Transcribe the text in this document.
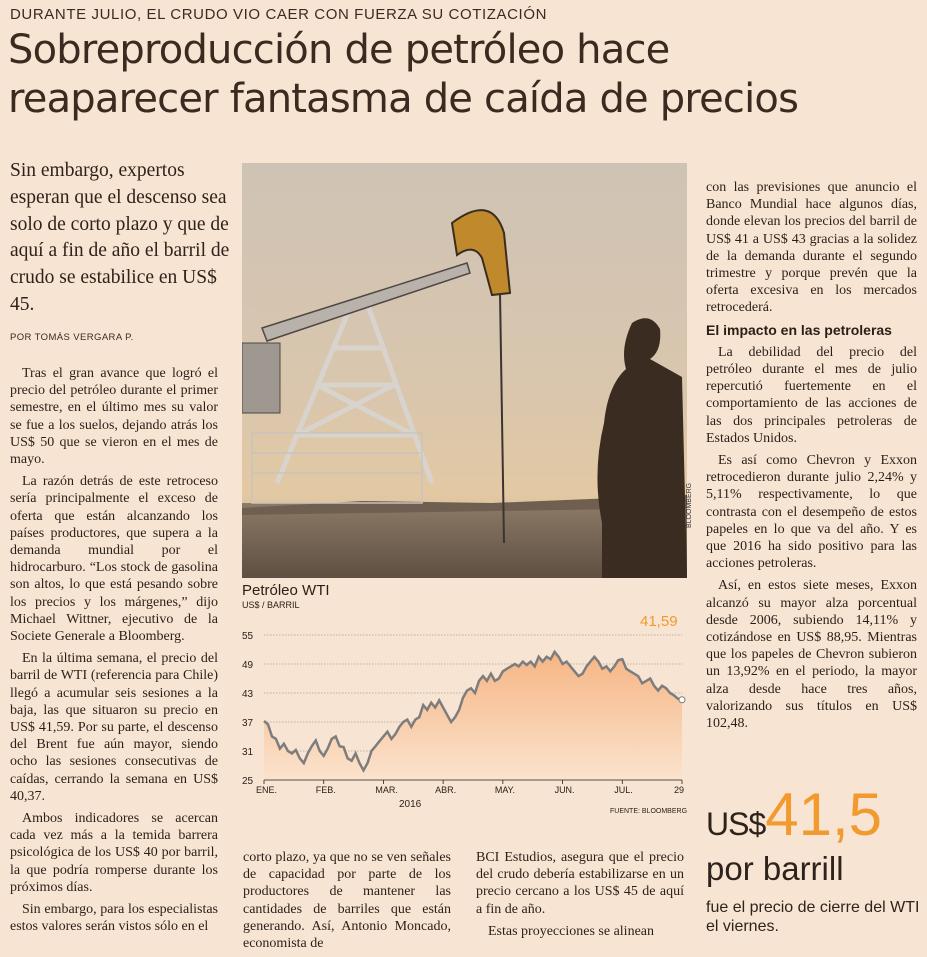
DURANTE JULIO, EL CRUDO VIO CAER CON FUERZA SU COTIZACIÓN
Sobreproducción de petróleo hace
reaparecer fantasma de caída de precios
Sin embargo, expertos esperan que el descenso sea solo de corto plazo y que de aquí a fin de año el barril de crudo se estabilice en US$ 45.
POR TOMÁS VERGARA P.

Tras el gran avance que logró el precio del petróleo durante el primer semestre, en el último mes su valor se fue a los suelos, dejando atrás los US$ 50 que se vieron en el mes de mayo.

La razón detrás de este retroceso sería principalmente el exceso de oferta que están alcanzando los países productores, que supera a la demanda mundial por el hidrocarburo. “Los stock de gasolina son altos, lo que está pesando sobre los precios y los márgenes,” dijo Michael Wittner, ejecutivo de la Societe Generale a Bloomberg.

En la última semana, el precio del barril de WTI (referencia para Chile) llegó a acumular seis sesiones a la baja, las que situaron su precio en US$ 41,59. Por su parte, el descenso del Brent fue aún mayor, siendo ocho las sesiones consecutivas de caídas, cerrando la semana en US$ 40,37.

Ambos indicadores se acercan cada vez más a la temida barrera psicológica de los US$ 40 por barril, la que podría romperse durante los próximos días.

Sin embargo, para los especialistas estos valores serán vistos sólo en el

BLOOMBERG
Petróleo WTI
US$ / BARRIL
25
31
37
43
49
55
ENE.	FEB.	MAR.	ABR.	MAY.	JUN.	JUL.	29
2016
FUENTE: BLOOMBERG
41,59

corto plazo, ya que no se ven señales de capacidad por parte de los productores de mantener las cantidades de barriles que están generando. Así, Antonio Moncado, economista de

BCI Estudios, asegura que el precio del crudo debería estabilizarse en un precio cercano a los US$ 45 de aquí a fin de año.

Estas proyecciones se alinean

con las previsiones que anuncio el Banco Mundial hace algunos días, donde elevan los precios del barril de US$ 41 a US$ 43 gracias a la solidez de la demanda durante el segundo trimestre y porque prevén que la oferta excesiva en los mercados retrocederá.

El impacto en las petroleras

La debilidad del precio del petróleo durante el mes de julio repercutió fuertemente en el comportamiento de las acciones de las dos principales petroleras de Estados Unidos.

Es así como Chevron y Exxon retrocedieron durante julio 2,24% y 5,11% respectivamente, lo que contrasta con el desempeño de estos papeles en lo que va del año. Y es que 2016 ha sido positivo para las acciones petroleras.

Así, en estos siete meses, Exxon alcanzó su mayor alza porcentual desde 2006, subiendo 14,11% y cotizándose en US$ 88,95. Mientras que los papeles de Chevron subieron un 13,92% en el periodo, la mayor alza desde hace tres años, valorizando sus títulos en US$ 102,48.

US$41,5
por barrill
fue el precio de cierre del WTI el viernes.
